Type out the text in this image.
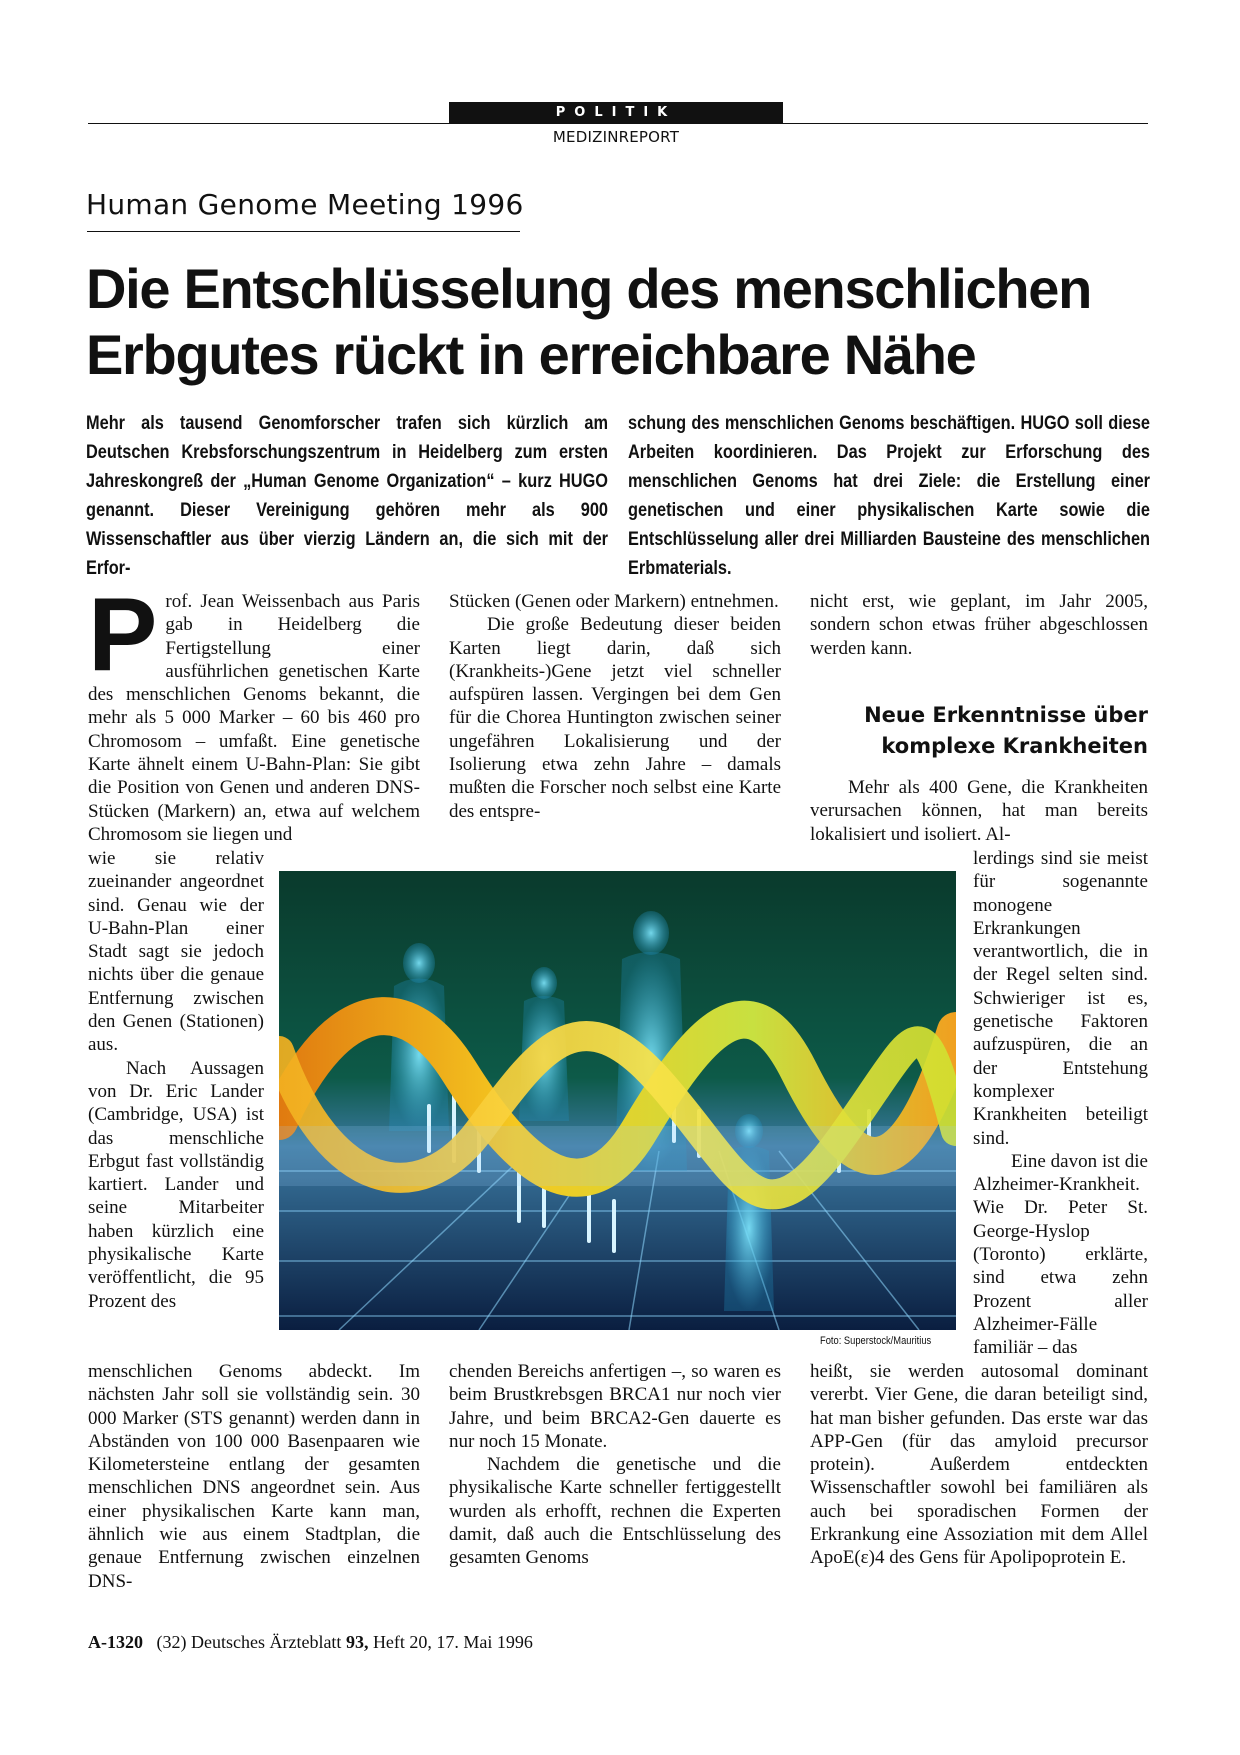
POLITIK
MEDIZINREPORT
Human Genome Meeting 1996
Die Entschlüsselung des menschlichen
Erbgutes rückt in erreichbare Nähe
Mehr als tausend Genomforscher trafen sich kürzlich am Deutschen Krebsforschungszentrum in Heidelberg zum ersten Jahreskongreß der „Human Genome Organization“ – kurz HUGO genannt. Dieser Vereinigung gehören mehr als 900 Wissenschaftler aus über vierzig Ländern an, die sich mit der Erfor-
schung des menschlichen Genoms beschäftigen. HUGO soll diese Arbeiten koordinieren. Das Projekt zur Erforschung des menschlichen Genoms hat drei Ziele: die Erstellung einer genetischen und einer physikalischen Karte sowie die Entschlüsselung aller drei Milliarden Bausteine des menschlichen Erbmaterials.
P rof. Jean Weissenbach aus Paris gab in Heidelberg die Fertigstellung einer ausführlichen genetischen Karte des menschlichen Genoms bekannt, die mehr als 5 000 Marker – 60 bis 460 pro Chromosom – umfaßt. Eine genetische Karte ähnelt einem U-Bahn-Plan: Sie gibt die Position von Genen und anderen DNS-Stücken (Markern) an, etwa auf welchem Chromosom sie liegen und

wie sie relativ zueinander angeordnet sind. Genau wie der U-Bahn-Plan einer Stadt sagt sie jedoch nichts über die genaue Entfernung zwischen den Genen (Stationen) aus.

Nach Aussagen von Dr. Eric Lander (Cambridge, USA) ist das menschliche Erbgut fast vollständig kartiert. Lander und seine Mitarbeiter haben kürzlich eine physikalische Karte veröffentlicht, die 95 Prozent des

menschlichen Genoms abdeckt. Im nächsten Jahr soll sie vollständig sein. 30 000 Marker (STS genannt) werden dann in Abständen von 100 000 Basenpaaren wie Kilometersteine entlang der gesamten menschlichen DNS angeordnet sein. Aus einer physikalischen Karte kann man, ähnlich wie aus einem Stadtplan, die genaue Entfernung zwischen einzelnen DNS-

Stücken (Genen oder Markern) entnehmen.

Die große Bedeutung dieser beiden Karten liegt darin, daß sich (Krankheits-)Gene jetzt viel schneller aufspüren lassen. Vergingen bei dem Gen für die Chorea Huntington zwischen seiner ungefähren Lokalisierung und der Isolierung etwa zehn Jahre – damals mußten die Forscher noch selbst eine Karte des entspre-

chenden Bereichs anfertigen –, so waren es beim Brustkrebsgen BRCA1 nur noch vier Jahre, und beim BRCA2-Gen dauerte es nur noch 15 Monate.

Nachdem die genetische und die physikalische Karte schneller fertiggestellt wurden als erhofft, rechnen die Experten damit, daß auch die Entschlüsselung des gesamten Genoms

nicht erst, wie geplant, im Jahr 2005, sondern schon etwas früher abgeschlossen werden kann.

Neue Erkenntnisse über
komplexe Krankheiten

Mehr als 400 Gene, die Krankheiten verursachen können, hat man bereits lokalisiert und isoliert. Al-

lerdings sind sie meist für sogenannte monogene Erkrankungen verantwortlich, die in der Regel selten sind. Schwieriger ist es, genetische Faktoren aufzuspüren, die an der Entstehung komplexer Krankheiten beteiligt sind.

Eine davon ist die Alzheimer-Krankheit. Wie Dr. Peter St. George-Hyslop (Toronto) erklärte, sind etwa zehn Prozent aller Alzheimer-Fälle familiär – das

heißt, sie werden autosomal dominant vererbt. Vier Gene, die daran beteiligt sind, hat man bisher gefunden. Das erste war das APP-Gen (für das amyloid precursor protein). Außerdem entdeckten Wissenschaftler sowohl bei familiären als auch bei sporadischen Formen der Erkrankung eine Assoziation mit dem Allel ApoE(ε)4 des Gens für Apolipoprotein E.

Foto: Superstock/Mauritius
A-1320 (32) Deutsches Ärzteblatt 93, Heft 20, 17. Mai 1996
